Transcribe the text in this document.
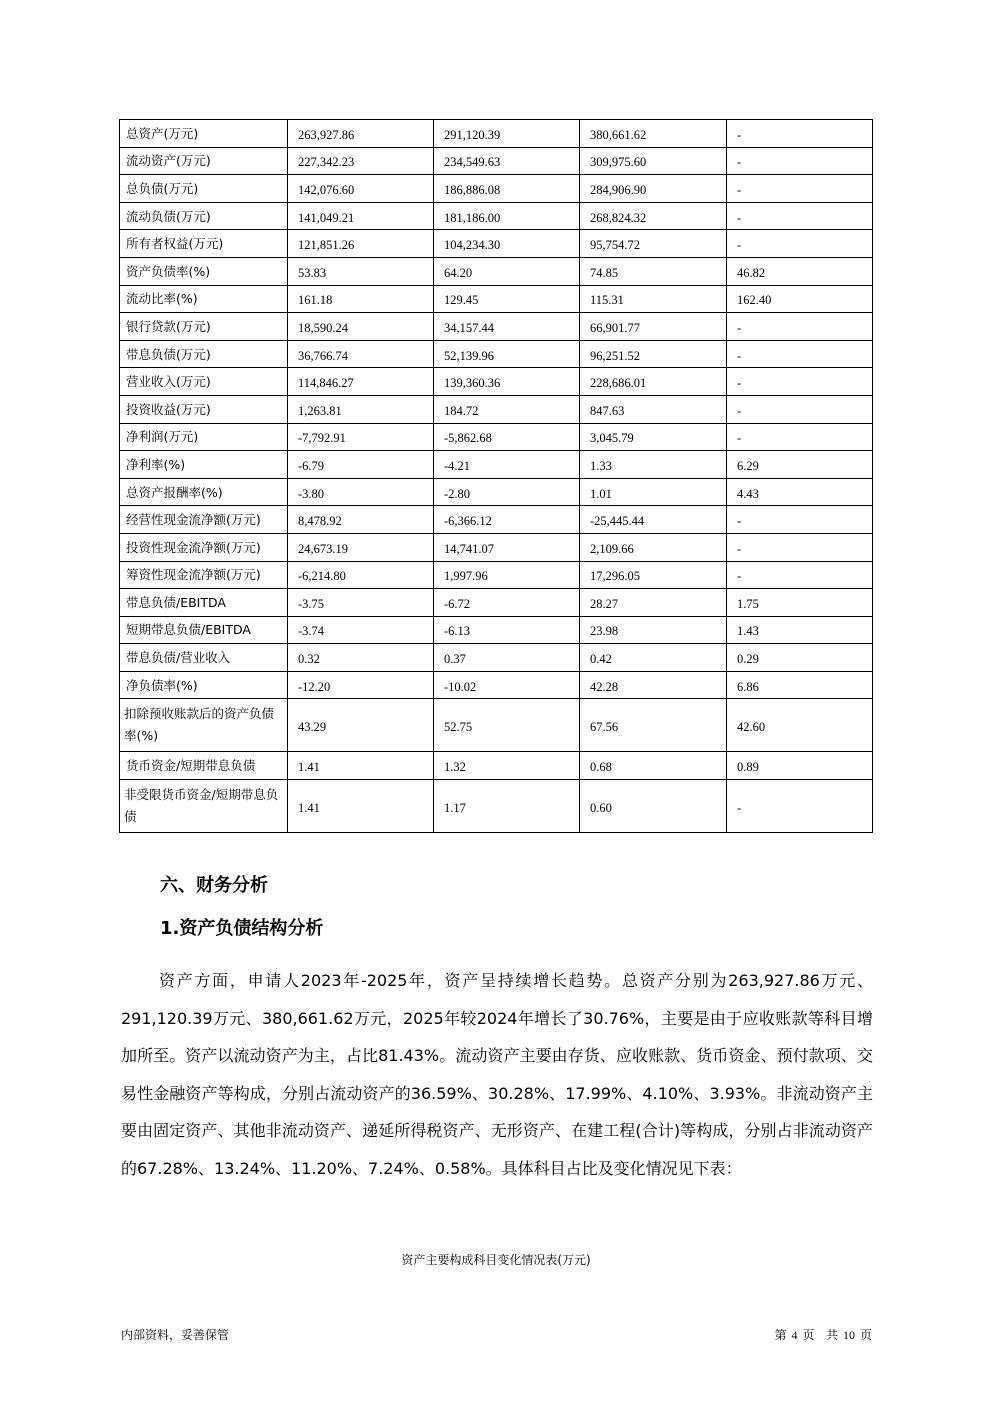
总资产(万元)	263,927.86	291,120.39	380,661.62	-
流动资产(万元)	227,342.23	234,549.63	309,975.60	-
总负债(万元)	142,076.60	186,886.08	284,906.90	-
流动负债(万元)	141,049.21	181,186.00	268,824.32	-
所有者权益(万元)	121,851.26	104,234.30	95,754.72	-
资产负债率(%)	53.83	64.20	74.85	46.82
流动比率(%)	161.18	129.45	115.31	162.40
银行贷款(万元)	18,590.24	34,157.44	66,901.77	-
带息负债(万元)	36,766.74	52,139.96	96,251.52	-
营业收入(万元)	114,846.27	139,360.36	228,686.01	-
投资收益(万元)	1,263.81	184.72	847.63	-
净利润(万元)	-7,792.91	-5,862.68	3,045.79	-
净利率(%)	-6.79	-4.21	1.33	6.29
总资产报酬率(%)	-3.80	-2.80	1.01	4.43
经营性现金流净额(万元)	8,478.92	-6,366.12	-25,445.44	-
投资性现金流净额(万元)	24,673.19	14,741.07	2,109.66	-
筹资性现金流净额(万元)	-6,214.80	1,997.96	17,296.05	-
带息负债/EBITDA	-3.75	-6.72	28.27	1.75
短期带息负债/EBITDA	-3.74	-6.13	23.98	1.43
带息负债/营业收入	0.32	0.37	0.42	0.29
净负债率(%)	-12.20	-10.02	42.28	6.86
扣除预收账款后的资产负债率(%)	43.29	52.75	67.56	42.60
货币资金/短期带息负债	1.41	1.32	0.68	0.89
非受限货币资金/短期带息负债	1.41	1.17	0.60	-
六、财务分析
1.资产负债结构分析

资产方面，申请人2023年-2025年，资产呈持续增长趋势。总资产分别为263,927.86万元、291,120.39万元、380,661.62万元，2025年较2024年增长了30.76%，主要是由于应收账款等科目增加所至。资产以流动资产为主，占比81.43%。流动资产主要由存货、应收账款、货币资金、预付款项、交易性金融资产等构成，分别占流动资产的36.59%、30.28%、17.99%、4.10%、3.93%。非流动资产主要由固定资产、其他非流动资产、递延所得税资产、无形资产、在建工程(合计)等构成，分别占非流动资产的67.28%、13.24%、11.20%、7.24%、0.58%。具体科目占比及变化情况见下表：

资产主要构成科目变化情况表(万元)
内部资料，妥善保管	第 4 页 共 10 页
